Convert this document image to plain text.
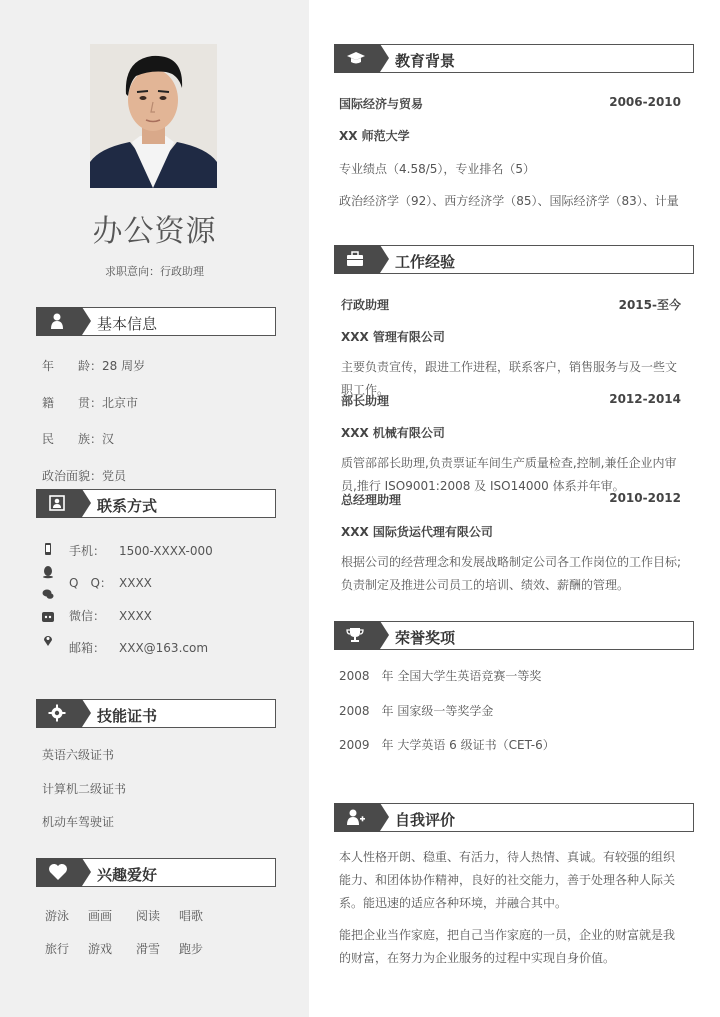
办公资源
求职意向：行政助理
基本信息
年　　龄：28 周岁
籍　　贯：北京市
民　　族：汉
政治面貌：党员
联系方式
手机： 1500-XXXX-000
Q　Q： XXXX
微信： XXXX
邮箱： XXX@163.com
技能证书
英语六级证书
计算机二级证书
机动车驾驶证
兴趣爱好
游泳 画画 阅读 唱歌
旅行 游戏 滑雪 跑步
教育背景
国际经济与贸易	2006-2010
XX 师范大学
专业绩点（4.58/5），专业排名（5）
政治经济学（92）、西方经济学（85）、国际经济学（83）、计量
工作经验
行政助理	2015-至今
XXX 管理有限公司
主要负责宣传，跟进工作进程，联系客户，销售服务与及一些文职工作。
部长助理	2012-2014
XXX 机械有限公司
质管部部长助理,负责票证车间生产质量检查,控制,兼任企业内审员,推行 ISO9001:2008 及 ISO14000 体系并年审。
总经理助理	2010-2012
XXX 国际货运代理有限公司
根据公司的经营理念和发展战略制定公司各工作岗位的工作目标;负责制定及推进公司员工的培训、绩效、薪酬的管理。
荣誉奖项
2008　年 全国大学生英语竞赛一等奖
2008　年 国家级一等奖学金
2009　年 大学英语 6 级证书（CET-6）
自我评价
本人性格开朗、稳重、有活力，待人热情、真诚。有较强的组织能力、和团体协作精神，良好的社交能力，善于处理各种人际关系。能迅速的适应各种环境，并融合其中。
能把企业当作家庭，把自己当作家庭的一员，企业的财富就是我的财富，在努力为企业服务的过程中实现自身价值。
